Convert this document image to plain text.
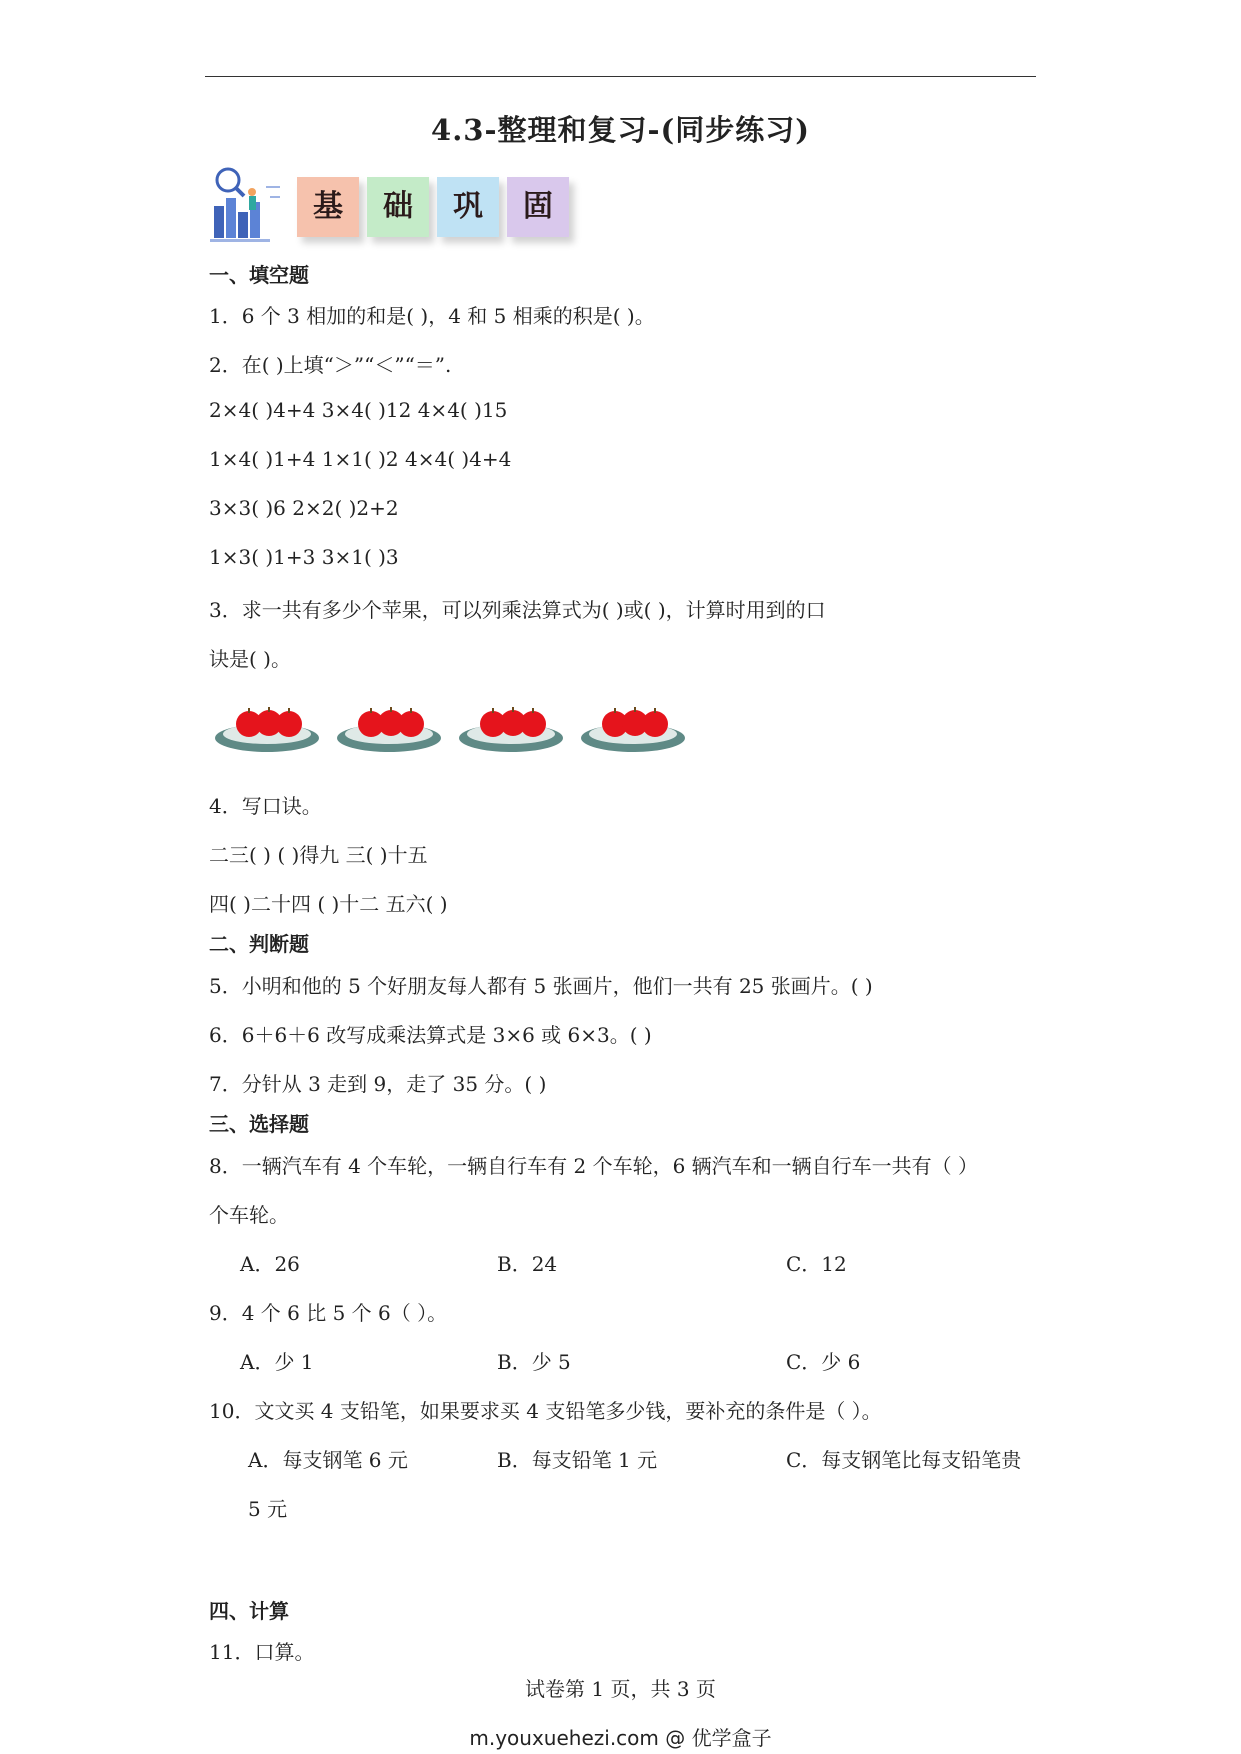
4.3-整理和复习-(同步练习)
基	础	巩	固
一、填空题
1．6 个 3 相加的和是( )，4 和 5 相乘的积是( )。
2．在( )上填“＞”“＜”“＝”.
2×4( )4+4 3×4( )12 4×4( )15
1×4( )1+4 1×1( )2 4×4( )4+4
3×3( )6 2×2( )2+2
1×3( )1+3 3×1( )3
3．求一共有多少个苹果，可以列乘法算式为( )或( )，计算时用到的口
诀是( )。
4．写口诀。
二三( ) ( )得九 三( )十五
四( )二十四 ( )十二 五六( )
二、判断题
5．小明和他的 5 个好朋友每人都有 5 张画片，他们一共有 25 张画片。( )
6．6＋6＋6 改写成乘法算式是 3×6 或 6×3。( )
7．分针从 3 走到 9，走了 35 分。( )
三、选择题
8．一辆汽车有 4 个车轮，一辆自行车有 2 个车轮，6 辆汽车和一辆自行车一共有（ ）
个车轮。
A．26	B．24	C．12
9．4 个 6 比 5 个 6（ ）。
A．少 1	B．少 5	C．少 6
10．文文买 4 支铅笔，如果要求买 4 支铅笔多少钱，要补充的条件是（ ）。
A．每支钢笔 6 元	B．每支铅笔 1 元	C．每支钢笔比每支铅笔贵
5 元
四、计算
11．口算。
试卷第 1 页，共 3 页
m.youxuehezi.com @ 优学盒子
